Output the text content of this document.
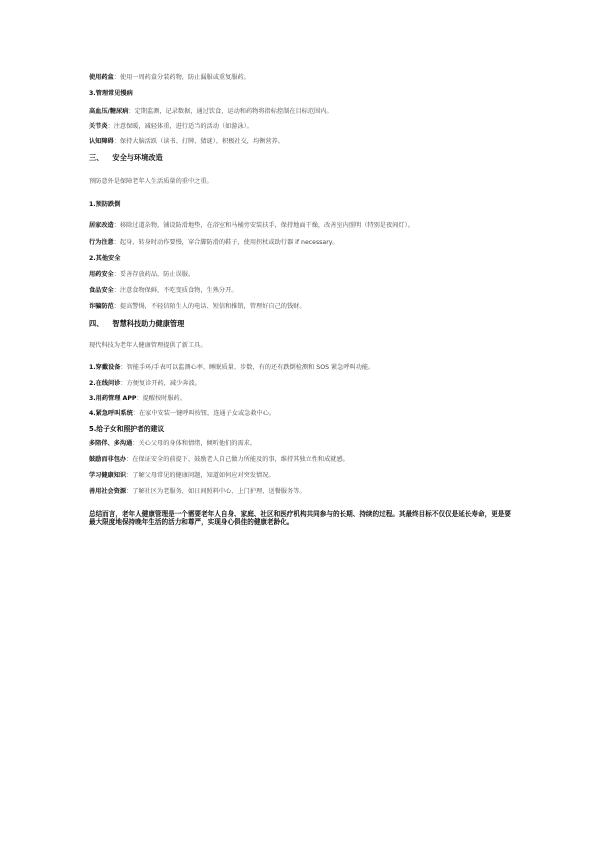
使用药盒：使用一周药盒分装药物，防止漏服或重复服药。
3.管理常见慢病
高血压/糖尿病：定期监测，记录数据，通过饮食、运动和药物将指标控制在目标范围内。
关节炎：注意保暖，减轻体重，进行适当的活动（如游泳）。
认知障碍：保持大脑活跃（读书、打牌、猜谜），积极社交，均衡营养。
三、 安全与环境改造
预防意外是保障老年人生活质量的重中之重。
1.预防跌倒
居家改造：移除过道杂物，铺设防滑地垫，在浴室和马桶旁安装扶手，保持地面干燥，改善室内照明（特别是夜间灯）。
行为注意：起身、转身时动作要慢，穿合脚防滑的鞋子，使用拐杖或助行器 if necessary。
2.其他安全
用药安全：妥善存放药品，防止误服。
食品安全：注意食物保鲜，不吃变质食物，生熟分开。
诈骗防范：提高警惕，不轻信陌生人的电话、短信和推销，管理好自己的钱财。
四、 智慧科技助力健康管理
现代科技为老年人健康管理提供了新工具。
1.穿戴设备：智能手环/手表可以监测心率、睡眠质量、步数，有的还有跌倒检测和 SOS 紧急呼叫功能。
2.在线问诊：方便复诊开药，减少奔波。
3.用药管理 APP：提醒按时服药。
4.紧急呼叫系统：在家中安装一键呼叫按钮，连通子女或急救中心。
5.给子女和照护者的建议
多陪伴、多沟通：关心父母的身体和情绪，倾听他们的需求。
鼓励而非包办：在保证安全的前提下，鼓励老人自己做力所能及的事，维持其独立性和成就感。
学习健康知识：了解父母常见的健康问题，知道如何应对突发情况。
善用社会资源：了解社区为老服务，如日间照料中心、上门护理、送餐服务等。
总结而言，老年人健康管理是一个需要老年人自身、家庭、社区和医疗机构共同参与的长期、持续的过程。其最终目标不仅仅是延长寿命，更是要最大限度地保持晚年生活的活力和尊严，实现身心俱佳的健康老龄化。
